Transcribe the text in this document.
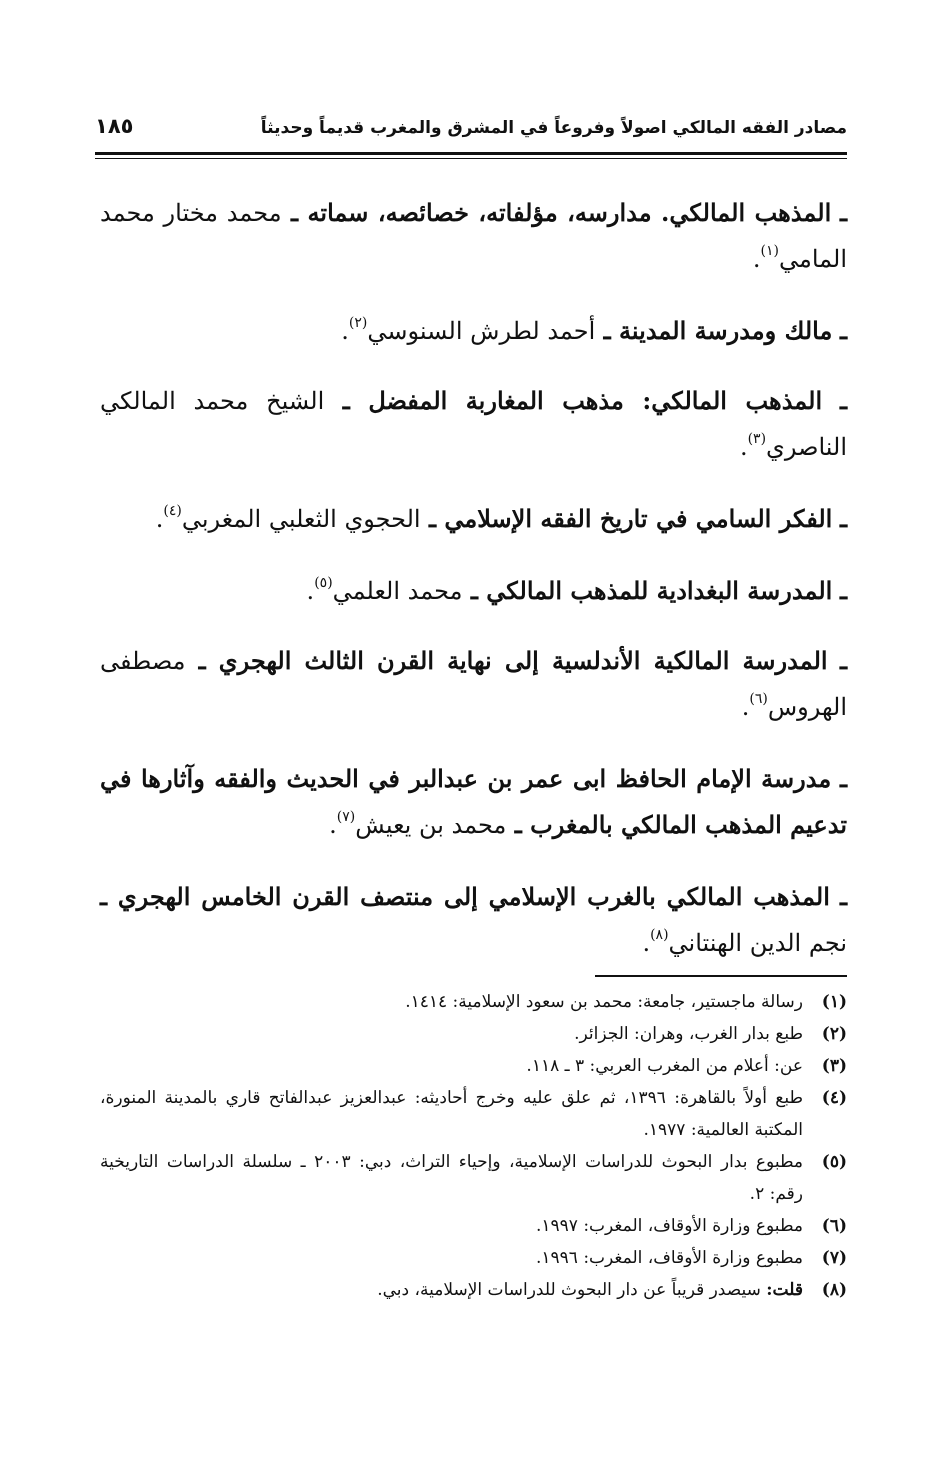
مصادر الفقه المالكي اصولاً وفروعاً في المشرق والمغرب قديماً وحديثاً
١٨٥

ـ المذهب المالكي. مدارسه، مؤلفاته، خصائصه، سماته ـ محمد مختار محمد المامي$^{(١)}$.

ـ مالك ومدرسة المدينة ـ أحمد لطرش السنوسي$^{(٢)}$.

ـ المذهب المالكي: مذهب المغاربة المفضل ـ الشيخ محمد المالكي الناصري$^{(٣)}$.

ـ الفكر السامي في تاريخ الفقه الإسلامي ـ الحجوي الثعلبي المغربي$^{(٤)}$.

ـ المدرسة البغدادية للمذهب المالكي ـ محمد العلمي$^{(٥)}$.

ـ المدرسة المالكية الأندلسية إلى نهاية القرن الثالث الهجري ـ مصطفى الهروس$^{(٦)}$.

ـ مدرسة الإمام الحافظ ابى عمر بن عبدالبر في الحديث والفقه وآثارها في تدعيم المذهب المالكي بالمغرب ـ محمد بن يعيش$^{(٧)}$.

ـ المذهب المالكي بالغرب الإسلامي إلى منتصف القرن الخامس الهجري ـ نجم الدين الهنتاني$^{(٨)}$.

(١)
رسالة ماجستير، جامعة: محمد بن سعود الإسلامية: ١٤١٤.
(٢)
طبع بدار الغرب، وهران: الجزائر.
(٣)
عن: أعلام من المغرب العربي: ٣ ـ ١١٨.
(٤)
طبع أولاً بالقاهرة: ١٣٩٦، ثم علق عليه وخرج أحاديثه: عبدالعزيز عبدالفاتح قاري بالمدينة المنورة، المكتبة العالمية: ١٩٧٧.
(٥)
مطبوع بدار البحوث للدراسات الإسلامية، وإحياء التراث، دبي: ٢٠٠٣ ـ سلسلة الدراسات التاريخية رقم: ٢.
(٦)
مطبوع وزارة الأوقاف، المغرب: ١٩٩٧.
(٧)
مطبوع وزارة الأوقاف، المغرب: ١٩٩٦.
(٨)
قلت: سيصدر قريباً عن دار البحوث للدراسات الإسلامية، دبي.
